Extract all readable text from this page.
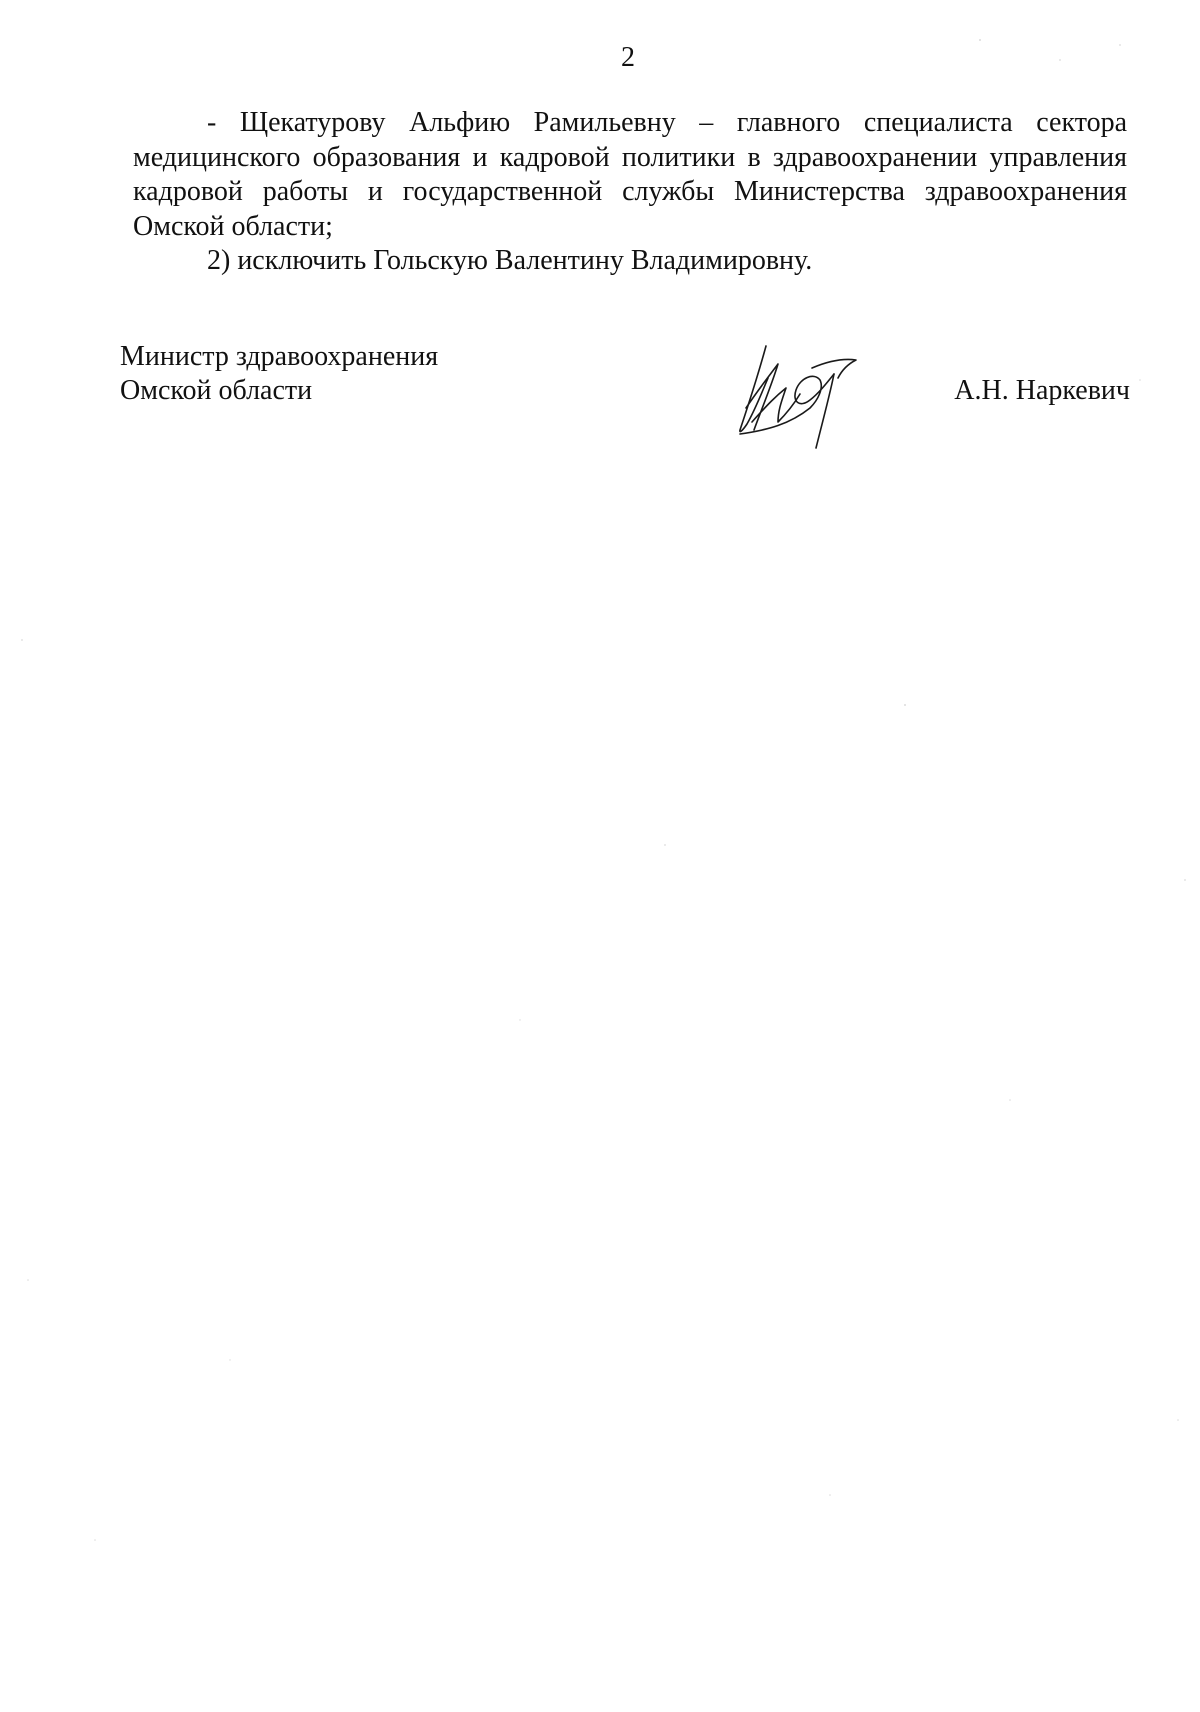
2

- Щекатурову Альфию Рамильевну – главного специалиста сектора медицинского образования и кадровой политики в здравоохранении управления кадровой работы и государственной службы Министерства здравоохранения Омской области;

2) исключить Гольскую Валентину Владимировну.

Министр здравоохранения
Омской области	А.Н. Наркевич
